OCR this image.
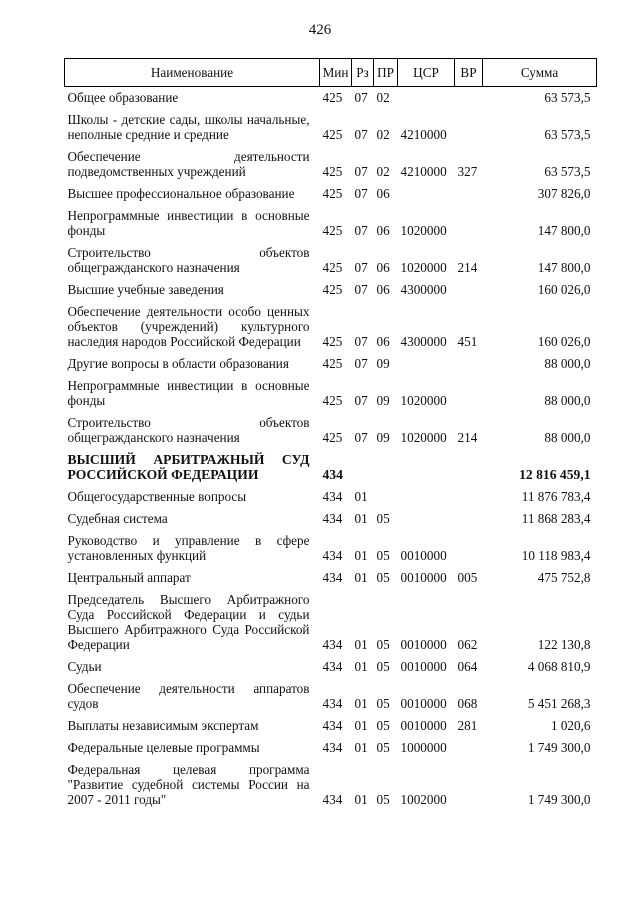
426
Наименование	Мин	Рз	ПР	ЦСР	ВР	Сумма
Общее образование	425	07	02			63 573,5
Школы - детские сады, школы начальные, неполные средние и средние	425	07	02	4210000		63 573,5
Обеспечение деятельности подведомственных учреждений	425	07	02	4210000	327	63 573,5
Высшее профессиональное образование	425	07	06			307 826,0
Непрограммные инвестиции в основные фонды	425	07	06	1020000		147 800,0
Строительство объектов общегражданского назначения	425	07	06	1020000	214	147 800,0
Высшие учебные заведения	425	07	06	4300000		160 026,0
Обеспечение деятельности особо ценных объектов (учреждений) культурного наследия народов Российской Федерации	425	07	06	4300000	451	160 026,0
Другие вопросы в области образования	425	07	09			88 000,0
Непрограммные инвестиции в основные фонды	425	07	09	1020000		88 000,0
Строительство объектов общегражданского назначения	425	07	09	1020000	214	88 000,0
ВЫСШИЙ АРБИТРАЖНЫЙ СУД РОССИЙСКОЙ ФЕДЕРАЦИИ	434					12 816 459,1
Общегосударственные вопросы	434	01				11 876 783,4
Судебная система	434	01	05			11 868 283,4
Руководство и управление в сфере установленных функций	434	01	05	0010000		10 118 983,4
Центральный аппарат	434	01	05	0010000	005	475 752,8
Председатель Высшего Арбитражного Суда Российской Федерации и судьи Высшего Арбитражного Суда Российской Федерации	434	01	05	0010000	062	122 130,8
Судьи	434	01	05	0010000	064	4 068 810,9
Обеспечение деятельности аппаратов судов	434	01	05	0010000	068	5 451 268,3
Выплаты независимым экспертам	434	01	05	0010000	281	1 020,6
Федеральные целевые программы	434	01	05	1000000		1 749 300,0
Федеральная целевая программа "Развитие судебной системы России на 2007 - 2011 годы"	434	01	05	1002000		1 749 300,0
